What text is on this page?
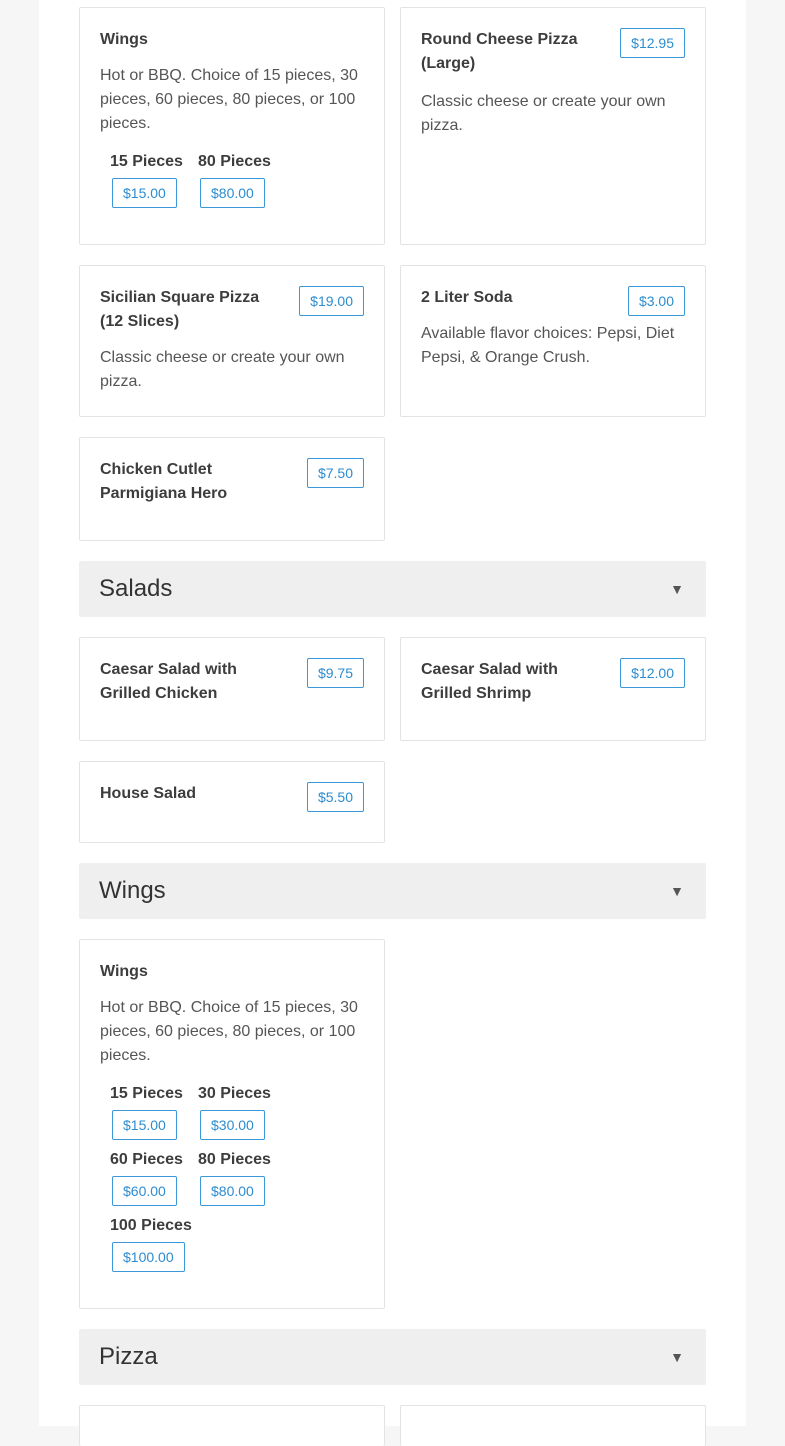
Wings
Hot or BBQ. Choice of 15 pieces, 30 pieces, 60 pieces, 80 pieces, or 100 pieces.
15 Pieces
$15.00
80 Pieces
$80.00
Round Cheese Pizza (Large)
$12.95
Classic cheese or create your own pizza.
Sicilian Square Pizza (12 Slices)
$19.00
Classic cheese or create your own pizza.
2 Liter Soda	$3.00
Available flavor choices: Pepsi, Diet Pepsi, & Orange Crush.
Chicken Cutlet Parmigiana Hero
$7.50
Salads	▼
Caesar Salad with Grilled Chicken
$9.75	Caesar Salad with Grilled Shrimp
$12.00
House Salad	$5.50
Wings	▼
Wings
Hot or BBQ. Choice of 15 pieces, 30 pieces, 60 pieces, 80 pieces, or 100 pieces.
15 Pieces
$15.00
30 Pieces
$30.00
60 Pieces
$60.00
80 Pieces
$80.00
100 Pieces
$100.00
Pizza	▼
